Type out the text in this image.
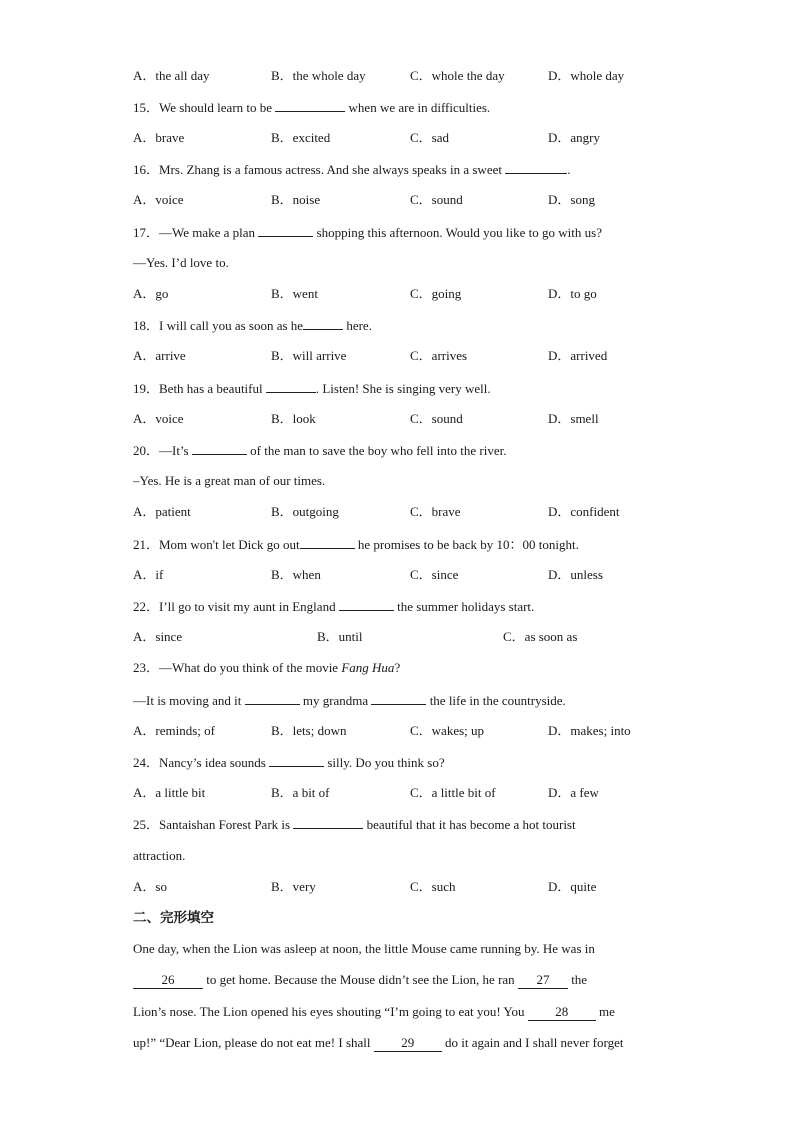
A．the all day	B．the whole day	C．whole the day	D．whole day
15．We should learn to be	when we are in difficulties.
A．brave	B．excited	C．sad	D．angry
16．Mrs. Zhang is a famous actress. And she always speaks in a sweet	.
A．voice	B．noise	C．sound	D．song
17．—We make a plan	shopping this afternoon. Would you like to go with us?
—Yes. I’d love to.
A．go	B．went	C．going	D．to go
18．I will call you as soon as he	here.
A．arrive	B．will arrive	C．arrives	D．arrived
19．Beth has a beautiful	. Listen! She is singing very well.
A．voice	B．look	C．sound	D．smell
20．—It’s	of the man to save the boy who fell into the river.
–Yes. He is a great man of our times.
A．patient	B．outgoing	C．brave	D．confident
21．Mom won't let Dick go out	he promises to be back by 10：00 tonight.
A．if	B．when	C．since	D．unless
22．I’ll go to visit my aunt in England	the summer holidays start.
A．since	B．until	C．as soon as
23．—What do you think of the movie Fang Hua?
—It is moving and it	my grandma	the life in the countryside.
A．reminds; of	B．lets; down	C．wakes; up	D．makes; into
24．Nancy’s idea sounds	silly. Do you think so?
A．a little bit	B．a bit of	C．a little bit of	D．a few
25．Santaishan Forest Park is	beautiful that it has become a hot tourist
attraction.
A．so	B．very	C．such	D．quite
二、完形填空
One day, when the Lion was asleep at noon, the little Mouse came running by. He was in
26 to get home. Because the Mouse didn’t see the Lion, he ran 27 the
Lion’s nose. The Lion opened his eyes shouting “I’m going to eat you! You 28 me
up!” “Dear Lion, please do not eat me! I shall 29 do it again and I shall never forget
